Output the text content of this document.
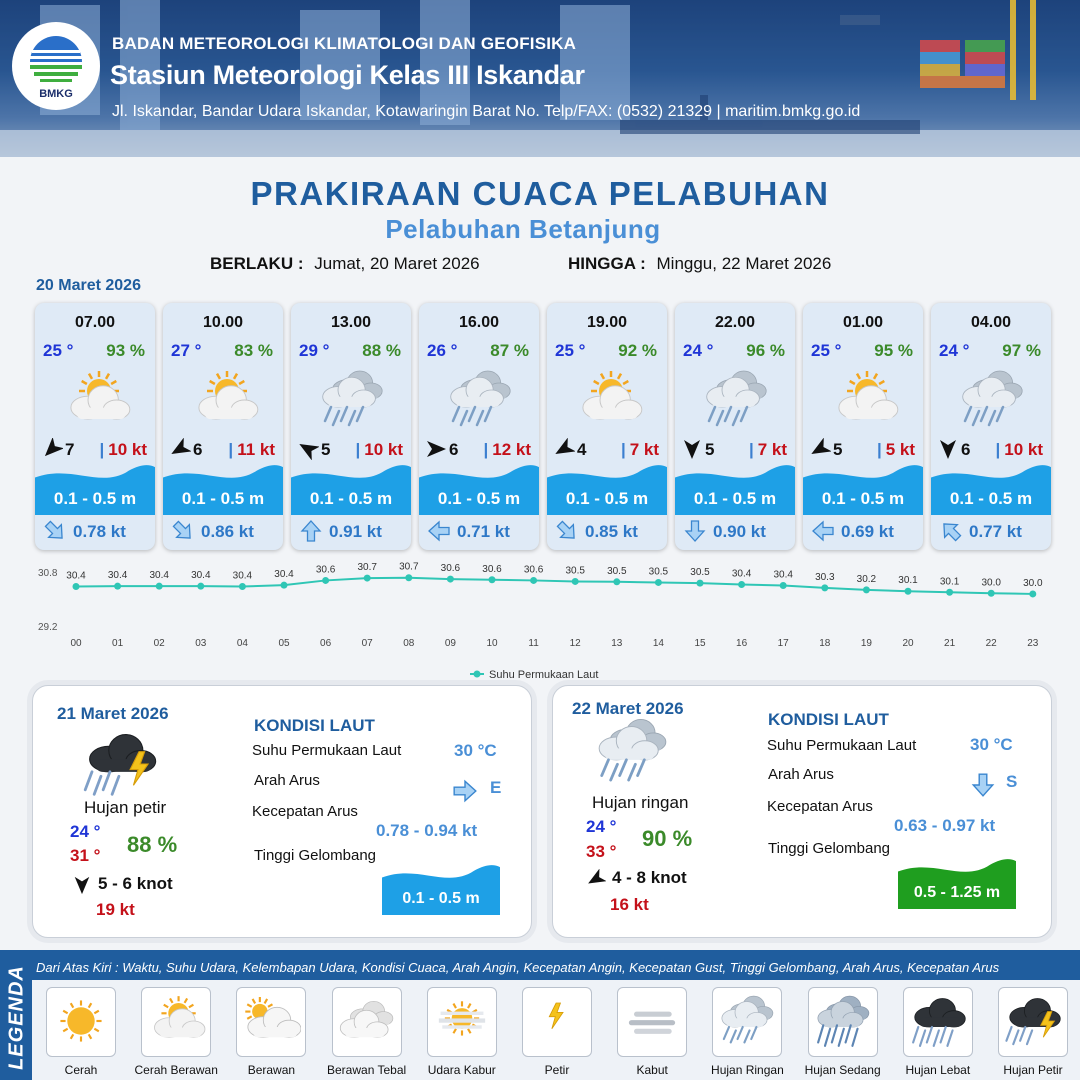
BMKG
BADAN METEOROLOGI KLIMATOLOGI DAN GEOFISIKA
Stasiun Meteorologi Kelas III Iskandar
Jl. Iskandar, Bandar Udara Iskandar, Kotawaringin Barat No. Telp/FAX: (0532) 21329 | maritim.bmkg.go.id
PRAKIRAAN CUACA PELABUHAN
Pelabuhan Betanjung
BERLAKU : Jumat, 20 Maret 2026	HINGGA : Minggu, 22 Maret 2026
20 Maret 2026
07.00
25 ° 93 %
7 | 10 kt
0.1 - 0.5 m
0.78 kt
10.00
27 ° 83 %
6 | 11 kt
0.1 - 0.5 m
0.86 kt
13.00
29 ° 88 %
5 | 10 kt
0.1 - 0.5 m
0.91 kt
16.00
26 ° 87 %
6 | 12 kt
0.1 - 0.5 m
0.71 kt
19.00
25 ° 92 %
4 | 7 kt
0.1 - 0.5 m
0.85 kt
22.00
24 ° 96 %
5 | 7 kt
0.1 - 0.5 m
0.90 kt
01.00
25 ° 95 %
5 | 5 kt
0.1 - 0.5 m
0.69 kt
04.00
24 ° 97 %
6 | 10 kt
0.1 - 0.5 m
0.77 kt
30.8
29.2
30.4
00
30.4
01
30.4
02
30.4
03
30.4
04
30.4
05
30.6
06
30.7
07
30.7
08
30.6
09
30.6
10
30.6
11
30.5
12
30.5
13
30.5
14
30.5
15
30.4
16
30.4
17
30.3
18
30.2
19
30.1
20
30.1
21
30.0
22
30.0
23
Suhu Permukaan Laut
21 Maret 2026
Hujan petir
24 °
31 ° 88 %
5 - 6 knot
19 kt
KONDISI LAUT
Suhu Permukaan Laut	30 °C
Arah Arus	E
Kecepatan Arus
0.78 - 0.94 kt
Tinggi Gelombang
0.1 - 0.5 m
22 Maret 2026
Hujan ringan
24 °
33 °
90 %
4 - 8 knot
16 kt
KONDISI LAUT
Suhu Permukaan Laut	30 °C
Arah Arus	S
Kecepatan Arus
0.63 - 0.97 kt
Tinggi Gelombang
0.5 - 1.25 m
LEGENDA Dari Atas Kiri : Waktu, Suhu Udara, Kelembapan Udara, Kondisi Cuaca, Arah Angin, Kecepatan Angin, Kecepatan Gust, Tinggi Gelombang, Arah Arus, Kecepatan Arus
Cerah	Cerah Berawan	Berawan	Berawan Tebal	Udara Kabur	Petir	Kabut	Hujan Ringan	Hujan Sedang	Hujan Lebat	Hujan Petir
